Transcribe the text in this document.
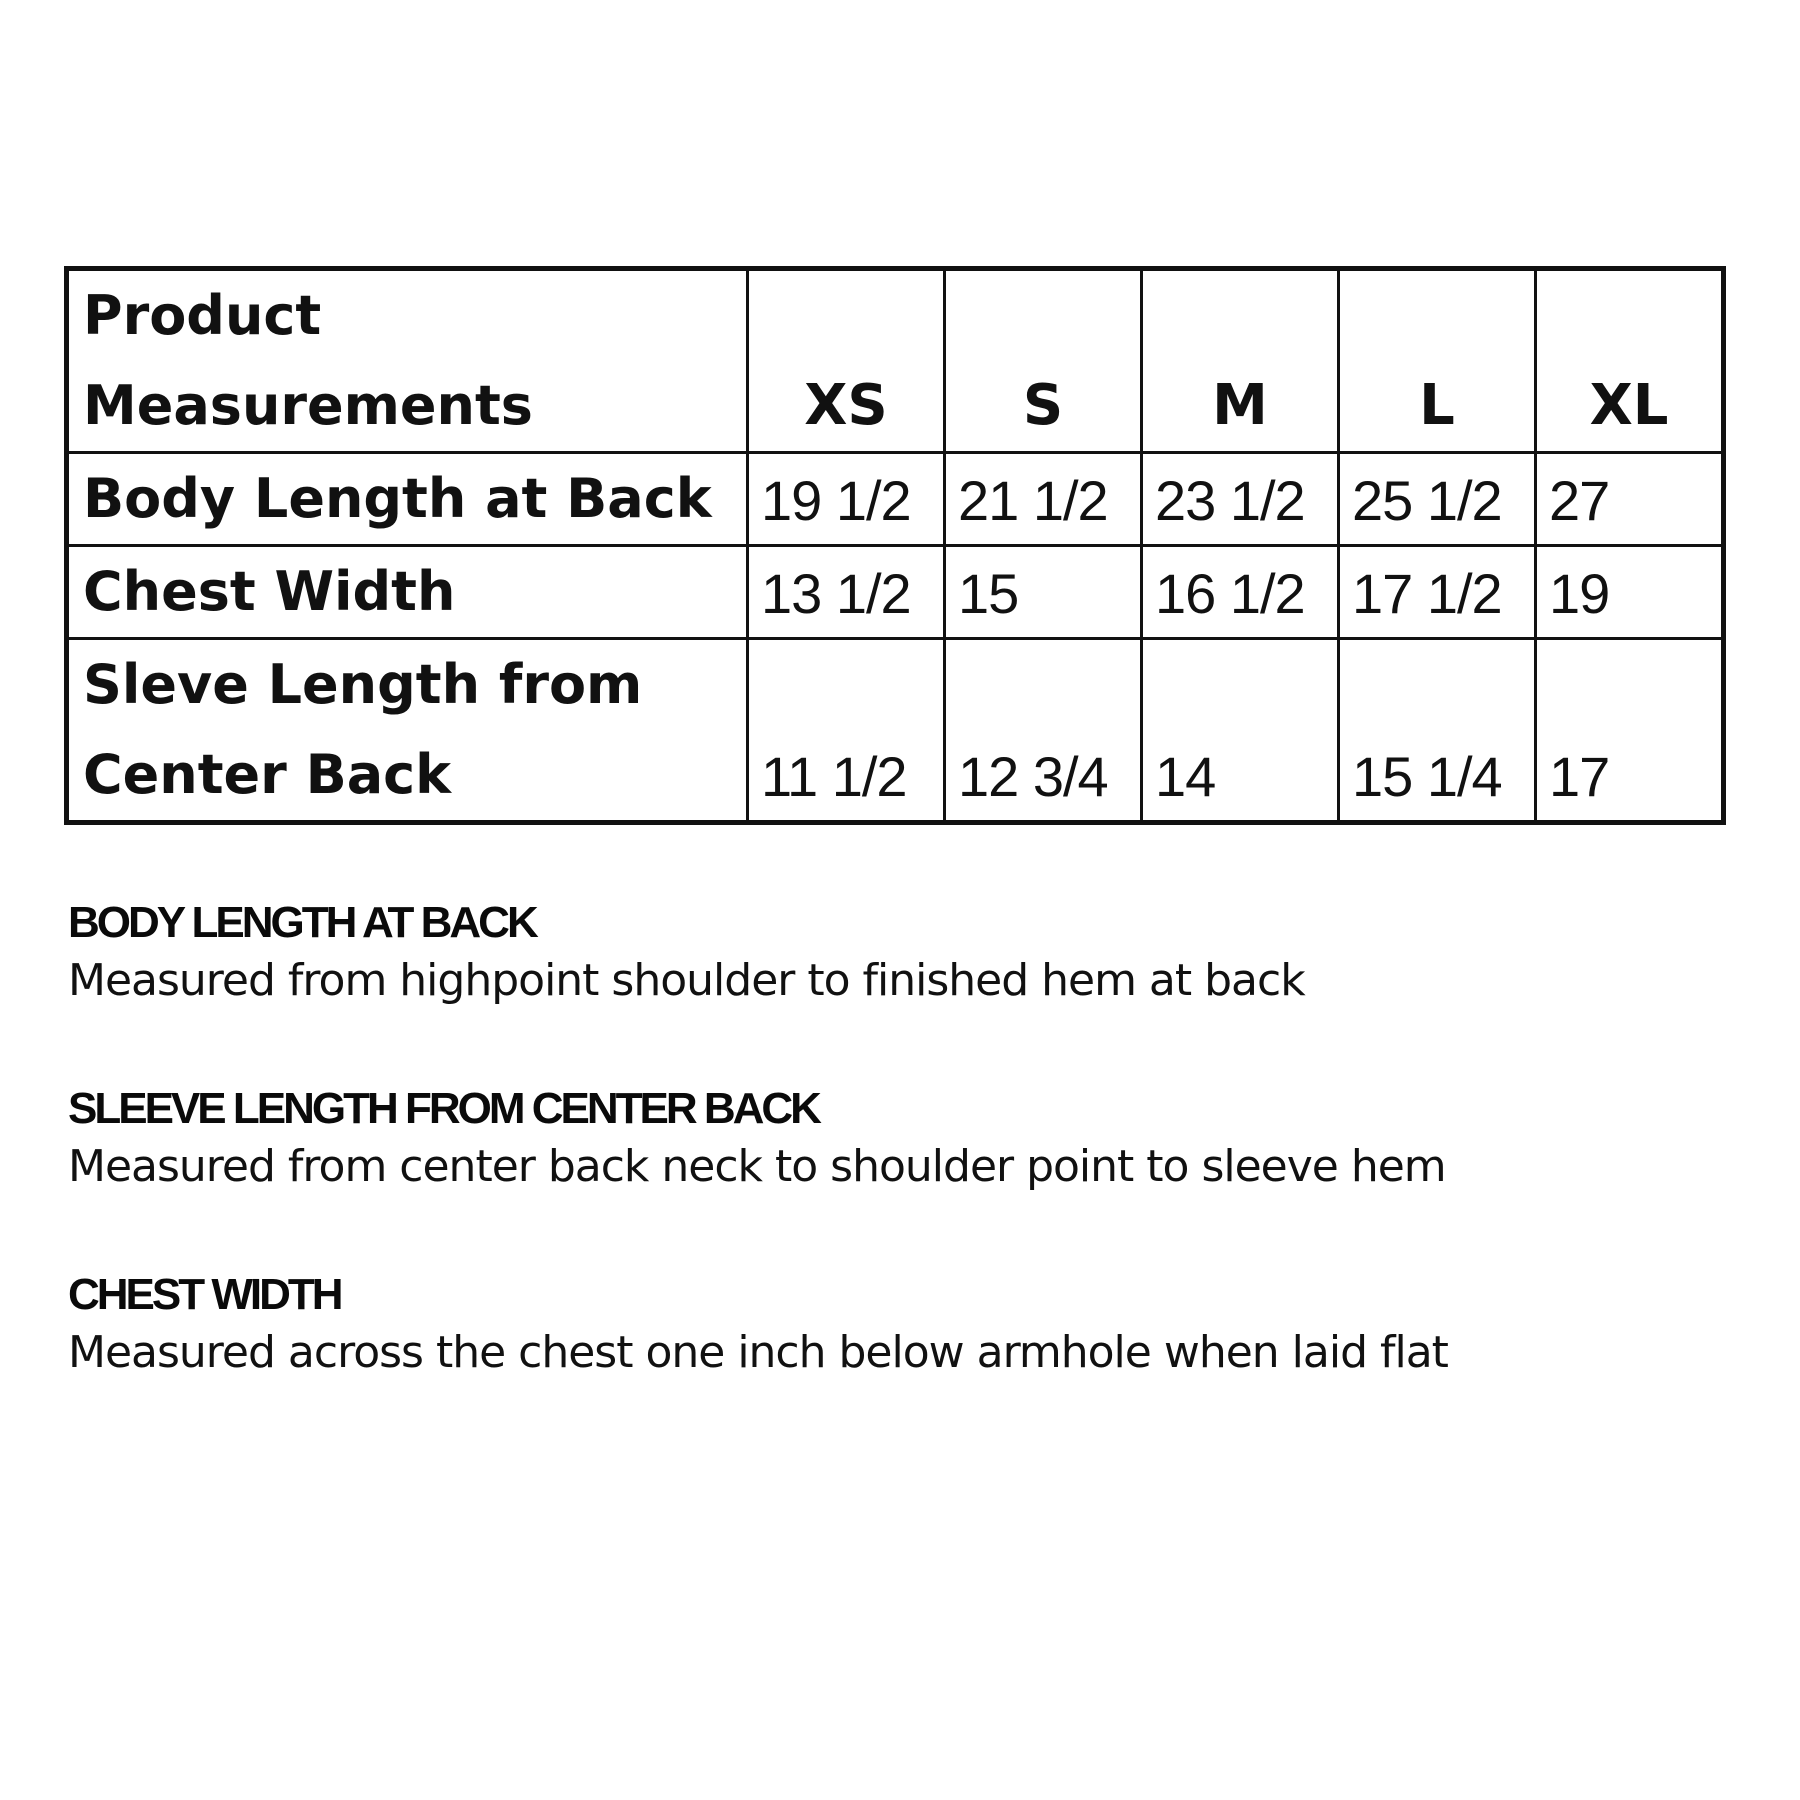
Product Measurements	XS	S	M	L	XL
Body Length at Back	19 1/2	21 1/2	23 1/2	25 1/2	27
Chest Width	13 1/2	15	16 1/2	17 1/2	19
Sleve Length from Center Back	11 1/2	12 3/4	14	15 1/4	17
BODY LENGTH AT BACK
Measured from highpoint shoulder to finished hem at back
SLEEVE LENGTH FROM CENTER BACK
Measured from center back neck to shoulder point to sleeve hem
CHEST WIDTH
Measured across the chest one inch below armhole when laid flat
